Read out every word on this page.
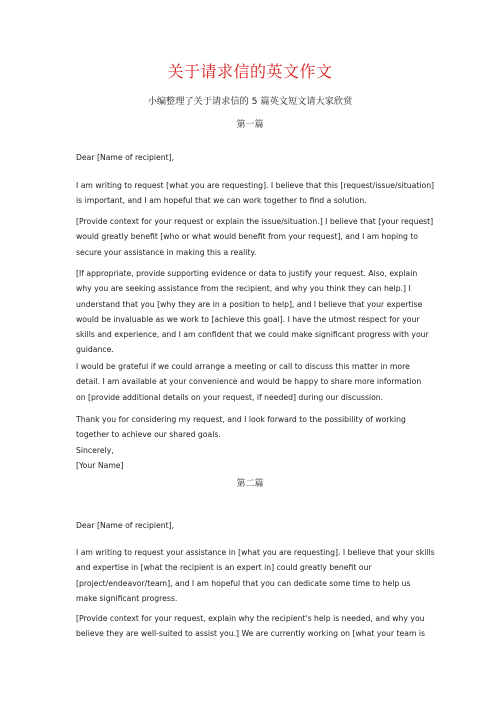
关于请求信的英文作文
小编整理了关于请求信的 5 篇英文短文请大家欣赏
第一篇

Dear [Name of recipient],

I am writing to request [what you are requesting]. I believe that this [request/issue/situation]
is important, and I am hopeful that we can work together to find a solution.

[Provide context for your request or explain the issue/situation.] I believe that [your request]
would greatly benefit [who or what would benefit from your request], and I am hoping to
secure your assistance in making this a reality.

[If appropriate, provide supporting evidence or data to justify your request. Also, explain
why you are seeking assistance from the recipient, and why you think they can help.] I
understand that you [why they are in a position to help], and I believe that your expertise
would be invaluable as we work to [achieve this goal]. I have the utmost respect for your
skills and experience, and I am confident that we could make significant progress with your
guidance.

I would be grateful if we could arrange a meeting or call to discuss this matter in more
detail. I am available at your convenience and would be happy to share more information
on [provide additional details on your request, if needed] during our discussion.

Thank you for considering my request, and I look forward to the possibility of working
together to achieve our shared goals.
Sincerely,
[Your Name]

第二篇

Dear [Name of recipient],

I am writing to request your assistance in [what you are requesting]. I believe that your skills
and expertise in [what the recipient is an expert in] could greatly benefit our
[project/endeavor/team], and I am hopeful that you can dedicate some time to help us
make significant progress.

[Provide context for your request, explain why the recipient's help is needed, and why you
believe they are well-suited to assist you.] We are currently working on [what your team is
